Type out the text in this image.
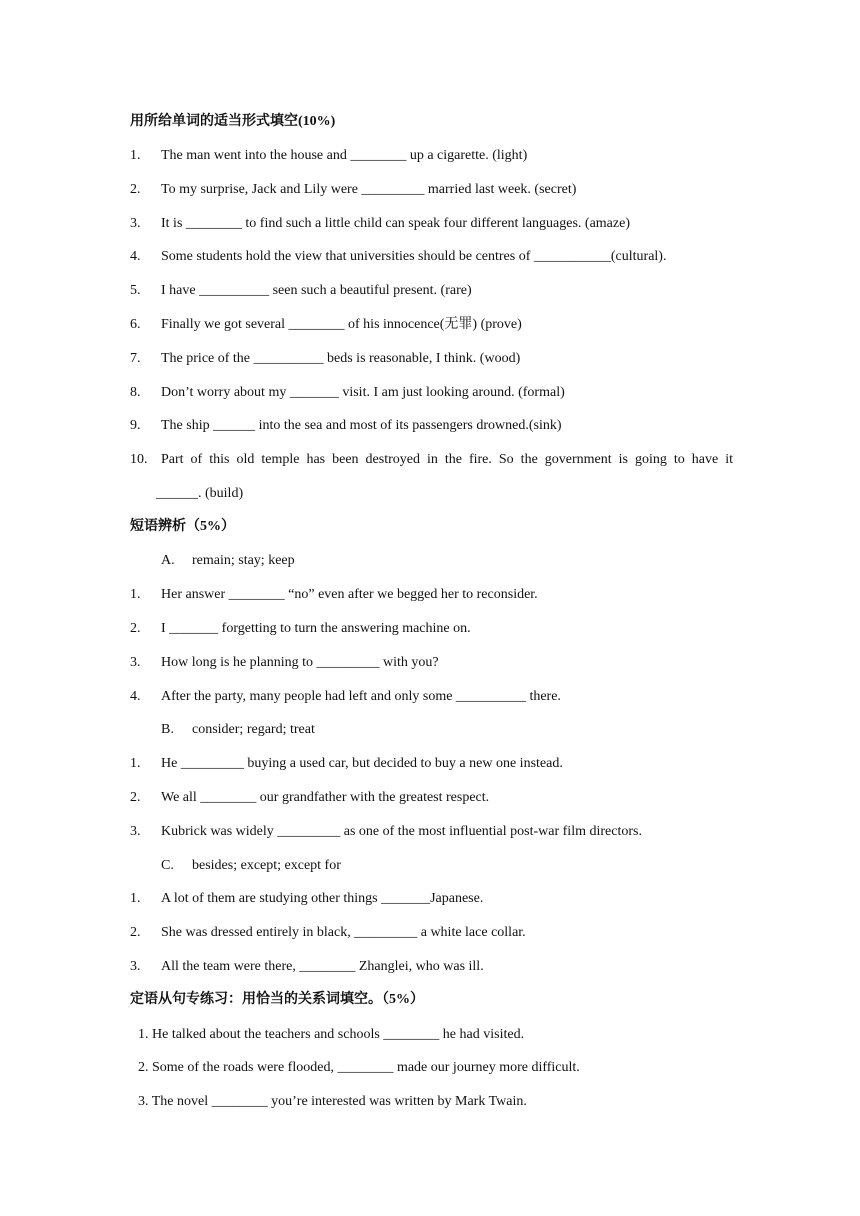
用所给单词的适当形式填空(10%)
1. The man went into the house and ________ up a cigarette. (light)
2. To my surprise, Jack and Lily were _________ married last week. (secret)
3. It is ________ to find such a little child can speak four different languages. (amaze)
4. Some students hold the view that universities should be centres of ___________(cultural).
5. I have __________ seen such a beautiful present. (rare)
6. Finally we got several ________ of his innocence(无罪) (prove)
7. The price of the __________ beds is reasonable, I think. (wood)
8. Don’t worry about my _______ visit. I am just looking around. (formal)
9. The ship ______ into the sea and most of its passengers drowned.(sink)
10. Part of this old temple has been destroyed in the fire. So the government is going to have it
______. (build)
短语辨析（5%）
A. remain; stay; keep
1. Her answer ________ “no” even after we begged her to reconsider.
2. I _______ forgetting to turn the answering machine on.
3. How long is he planning to _________ with you?
4. After the party, many people had left and only some __________ there.
B. consider; regard; treat
1. He _________ buying a used car, but decided to buy a new one instead.
2. We all ________ our grandfather with the greatest respect.
3. Kubrick was widely _________ as one of the most influential post-war film directors.
C. besides; except; except for
1. A lot of them are studying other things _______Japanese.
2. She was dressed entirely in black, _________ a white lace collar.
3. All the team were there, ________ Zhanglei, who was ill.
定语从句专练习：用恰当的关系词填空。（5%）
1. He talked about the teachers and schools ________ he had visited.
2. Some of the roads were flooded, ________ made our journey more difficult.
3. The novel ________ you’re interested was written by Mark Twain.
